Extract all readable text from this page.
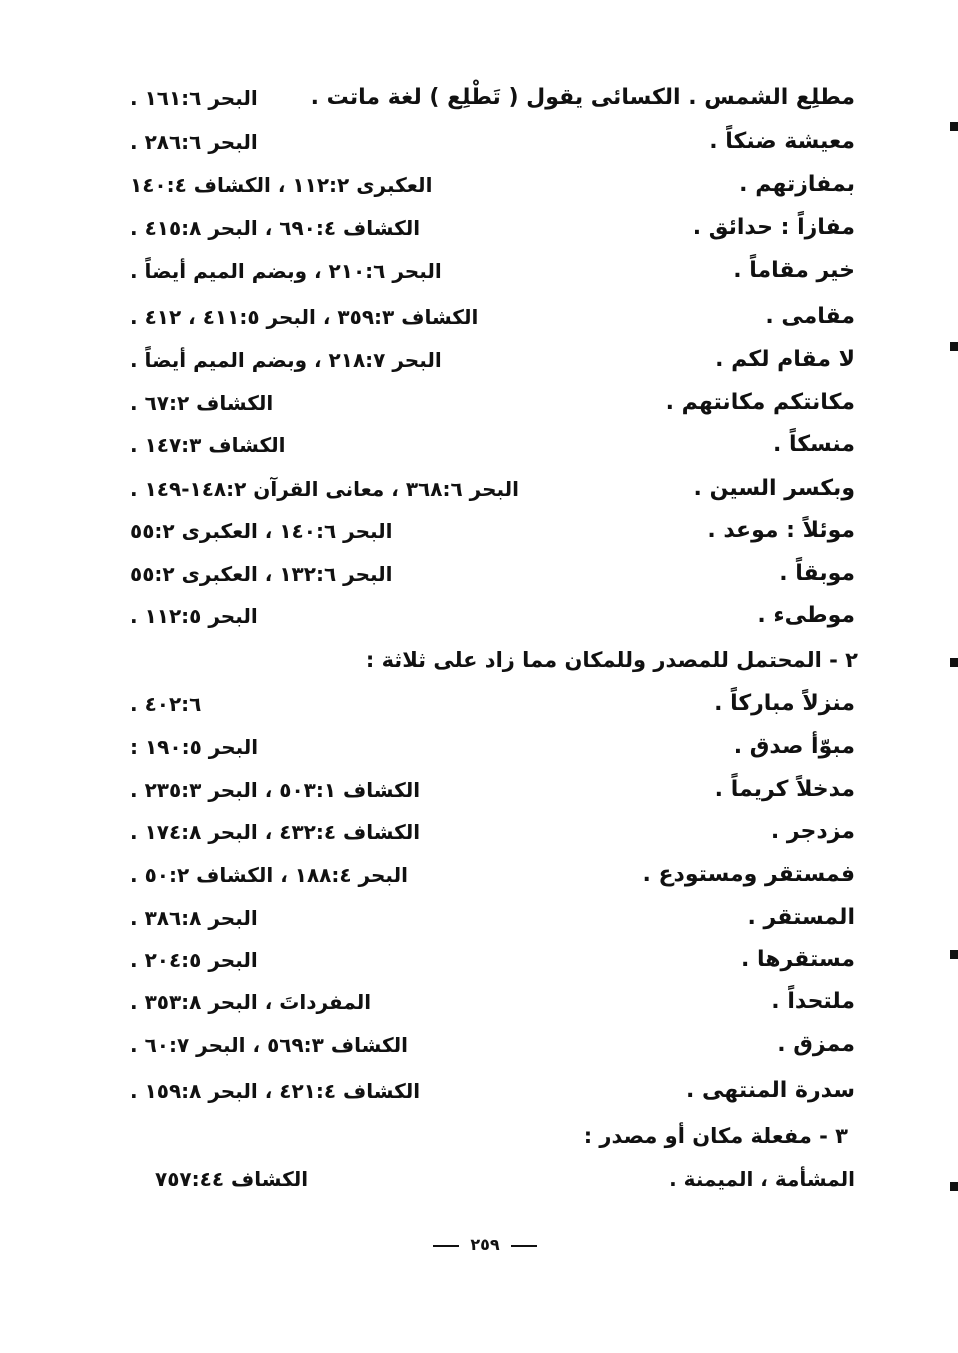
مطلِع الشمس . الكسائى يقول ( تَطْلِع ) لغة ماتت .
البحر ١٦١:٦ .
معيشة ضنكاً .
البحر ٢٨٦:٦ .
بمفازتهم .
العكبرى ١١٢:٢ ، الكشاف ١٤٠:٤
مفازاً : حدائق .
الكشاف ٦٩٠:٤ ، البحر ٤١٥:٨ .
خير مقاماً .
البحر ٢١٠:٦ ، وبضم الميم أيضاً .
مقامى .
الكشاف ٣٥٩:٣ ، البحر ٤١١:٥ ، ٤١٢ .
لا مقام لكم .
البحر ٢١٨:٧ ، وبضم الميم أيضاً .
مكانتكم مكانتهم .
الكشاف ٦٧:٢ .
منسكاً .
الكشاف ١٤٧:٣ .
وبكسر السين .
البحر ٣٦٨:٦ ، معانى القرآن ١٤٨:٢-١٤٩ .
موئلاً : موعد .
البحر ١٤٠:٦ ، العكبرى ٥٥:٢
موبقاً .
البحر ١٣٢:٦ ، العكبرى ٥٥:٢
موطىء .
البحر ١١٢:٥ .
٢ - المحتمل للمصدر وللمكان مما زاد على ثلاثة :
منزلاً مباركاً .
٤٠٢:٦ .
مبوّأ صدق .
البحر ١٩٠:٥ :
مدخلاً كريماً .
الكشاف ٥٠٣:١ ، البحر ٢٣٥:٣ .
مزدجر .
الكشاف ٤٣٢:٤ ، البحر ١٧٤:٨ .
فمستقر ومستودع .
البحر ١٨٨:٤ ، الكشاف ٥٠:٢ .
المستقر .
البحر ٣٨٦:٨ .
مستقرها .
البحر ٢٠٤:٥ .
ملتحداً .
المفرداتَ ، البحر ٣٥٣:٨ .
ممزق .
الكشاف ٥٦٩:٣ ، البحر ٦٠:٧ .
سدرة المنتهى .
الكشاف ٤٢١:٤ ، البحر ١٥٩:٨ .
٣ - مفعلة مكان أو مصدر :
المشأمة ، الميمنة .
الكشاف ٧٥٧:٤٤
٢٥٩
